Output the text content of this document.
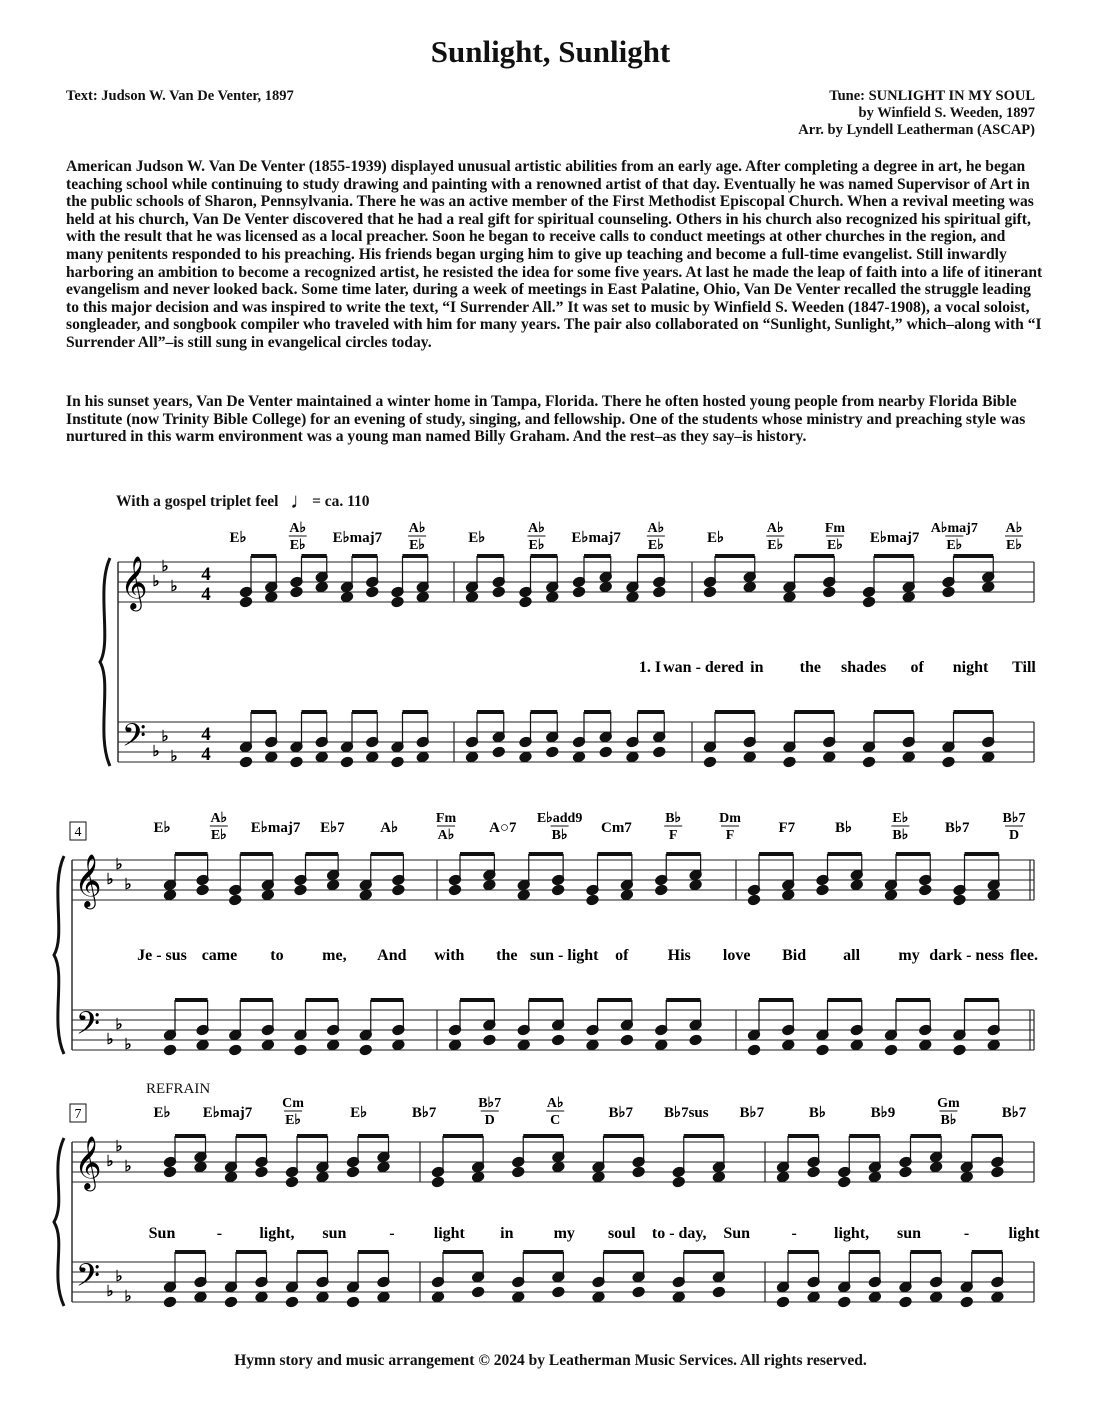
Sunlight, Sunlight
Text: Judson W. Van De Venter, 1897	Tune: SUNLIGHT IN MY SOUL
by Winfield S. Weeden, 1897
Arr. by Lyndell Leatherman (ASCAP)

American Judson W. Van De Venter (1855-1939) displayed unusual artistic abilities from an early age. After completing a degree in art, he began teaching school while continuing to study drawing and painting with a renowned artist of that day. Eventually he was named Supervisor of Art in the public schools of Sharon, Pennsylvania. There he was an active member of the First Methodist Episcopal Church. When a revival meeting was held at his church, Van De Venter discovered that he had a real gift for spiritual counseling. Others in his church also recognized his spiritual gift, with the result that he was licensed as a local preacher. Soon he began to receive calls to conduct meetings at other churches in the region, and many penitents responded to his preaching. His friends began urging him to give up teaching and become a full-time evangelist. Still inwardly harboring an ambition to become a recognized artist, he resisted the idea for some five years. At last he made the leap of faith into a life of itinerant evangelism and never looked back. Some time later, during a week of meetings in East Palatine, Ohio, Van De Venter recalled the struggle leading to this major decision and was inspired to write the text, “I Surrender All.” It was set to music by Winfield S. Weeden (1847-1908), a vocal soloist, songleader, and songbook compiler who traveled with him for many years. The pair also collaborated on “Sunlight, Sunlight,” which–along with “I Surrender All”–is still sung in evangelical circles today.

In his sunset years, Van De Venter maintained a winter home in Tampa, Florida. There he often hosted young people from nearby Florida Bible Institute (now Trinity Bible College) for an evening of study, singing, and fellowship. One of the students whose ministry and preaching style was nurtured in this warm environment was a young man named Billy Graham. And the rest–as they say–is history.

With a gospel triplet feel ♩= ca. 110
REFRAIN
𝄞
𝄢
♭
♭
♭
♭
♭
♭
4
4
4
4
E♭
A♭
E♭ E♭maj7
A♭
E♭	E♭
A♭
E♭ E♭maj7
A♭
E♭	E♭
A♭
E♭
Fm
E♭ E♭maj7
A♭maj7
E♭
A♭
E♭
1. I wan - dered in the shades of night Till
𝄞
𝄢
♭
♭
♭
♭
♭
♭
4	E♭
A♭
E♭ E♭maj7 E♭7 A♭
Fm
A♭ A○7
E♭add9
B♭ Cm7
B♭
F
Dm
F	F7	B♭
E♭
B♭ B♭7
B♭7
D
Je - sus came to me, And with the sun - light of His love Bid all my dark - ness flee.
𝄞
𝄢
♭
♭
♭
♭
♭
♭
7	E♭ E♭maj7
Cm
E♭	E♭	B♭7
B♭7
D
A♭
C	B♭7 B♭7sus B♭7	B♭	B♭9
Gm
B♭	B♭7
Sun	- light, sun	- light in	my soul to - day, Sun	- light, sun	- light
Hymn story and music arrangement © 2024 by Leatherman Music Services. All rights reserved.
